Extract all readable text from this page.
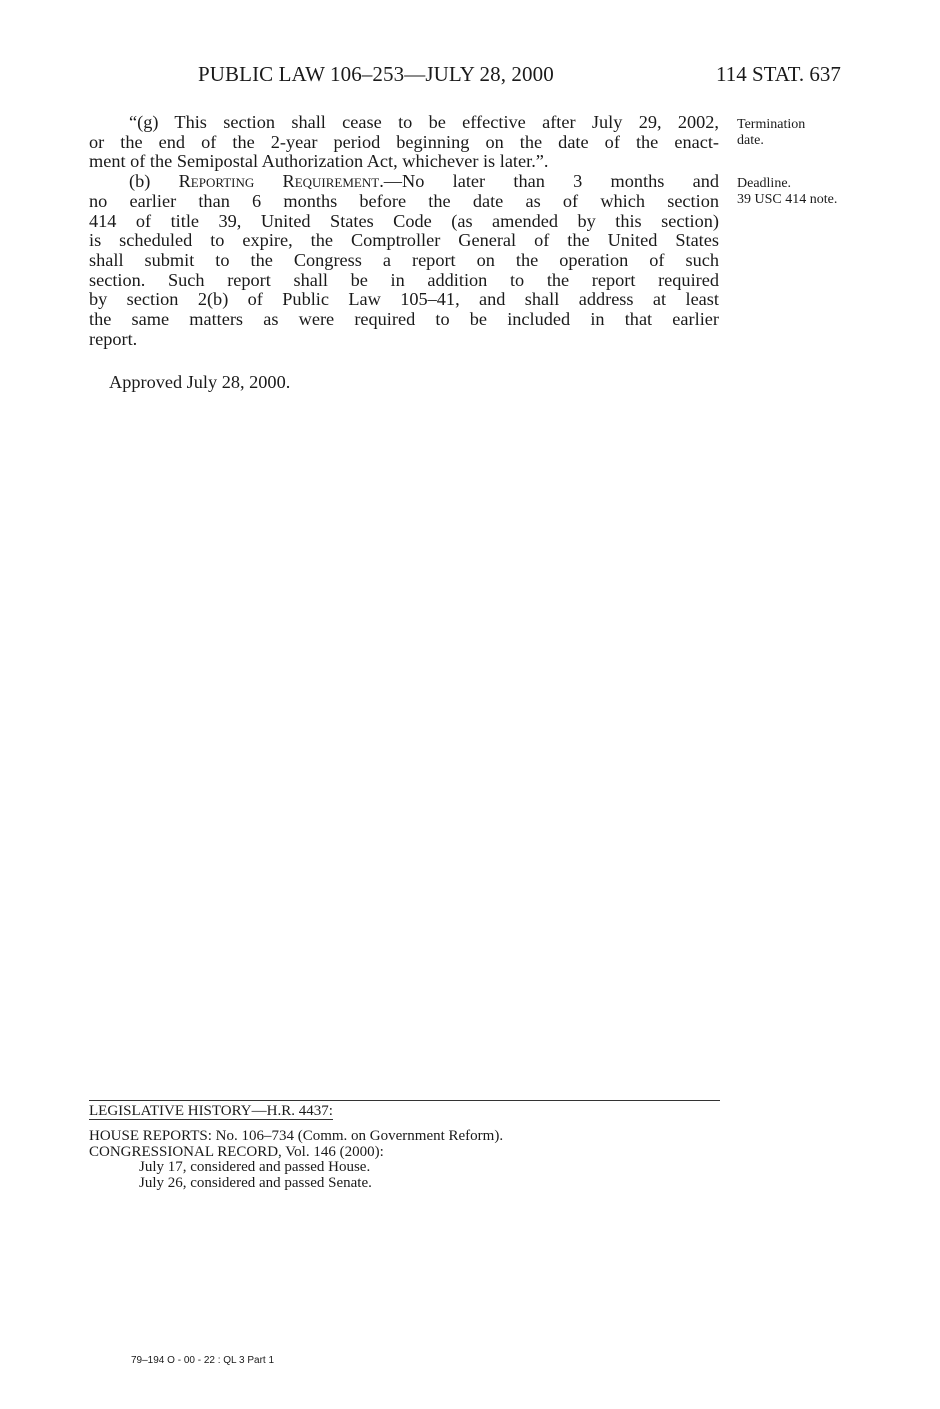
PUBLIC LAW 106–253—JULY 28, 2000	114 STAT. 637
“(g) This section shall cease to be effective after July 29, 2002,
or the end of the 2-year period beginning on the date of the enact-
ment of the Semipostal Authorization Act, whichever is later.”.
(b) Reporting Requirement.—No later than 3 months and
no earlier than 6 months before the date as of which section
414 of title 39, United States Code (as amended by this section)
is scheduled to expire, the Comptroller General of the United States
shall submit to the Congress a report on the operation of such
section. Such report shall be in addition to the report required
by section 2(b) of Public Law 105–41, and shall address at least
the same matters as were required to be included in that earlier
report.
Termination
date.
Deadline.
39 USC 414 note.
Approved July 28, 2000.
LEGISLATIVE HISTORY—H.R. 4437:
HOUSE REPORTS: No. 106–734 (Comm. on Government Reform).
CONGRESSIONAL RECORD, Vol. 146 (2000):
July 17, considered and passed House.
July 26, considered and passed Senate.
79–194 O - 00 - 22 : QL 3 Part 1
